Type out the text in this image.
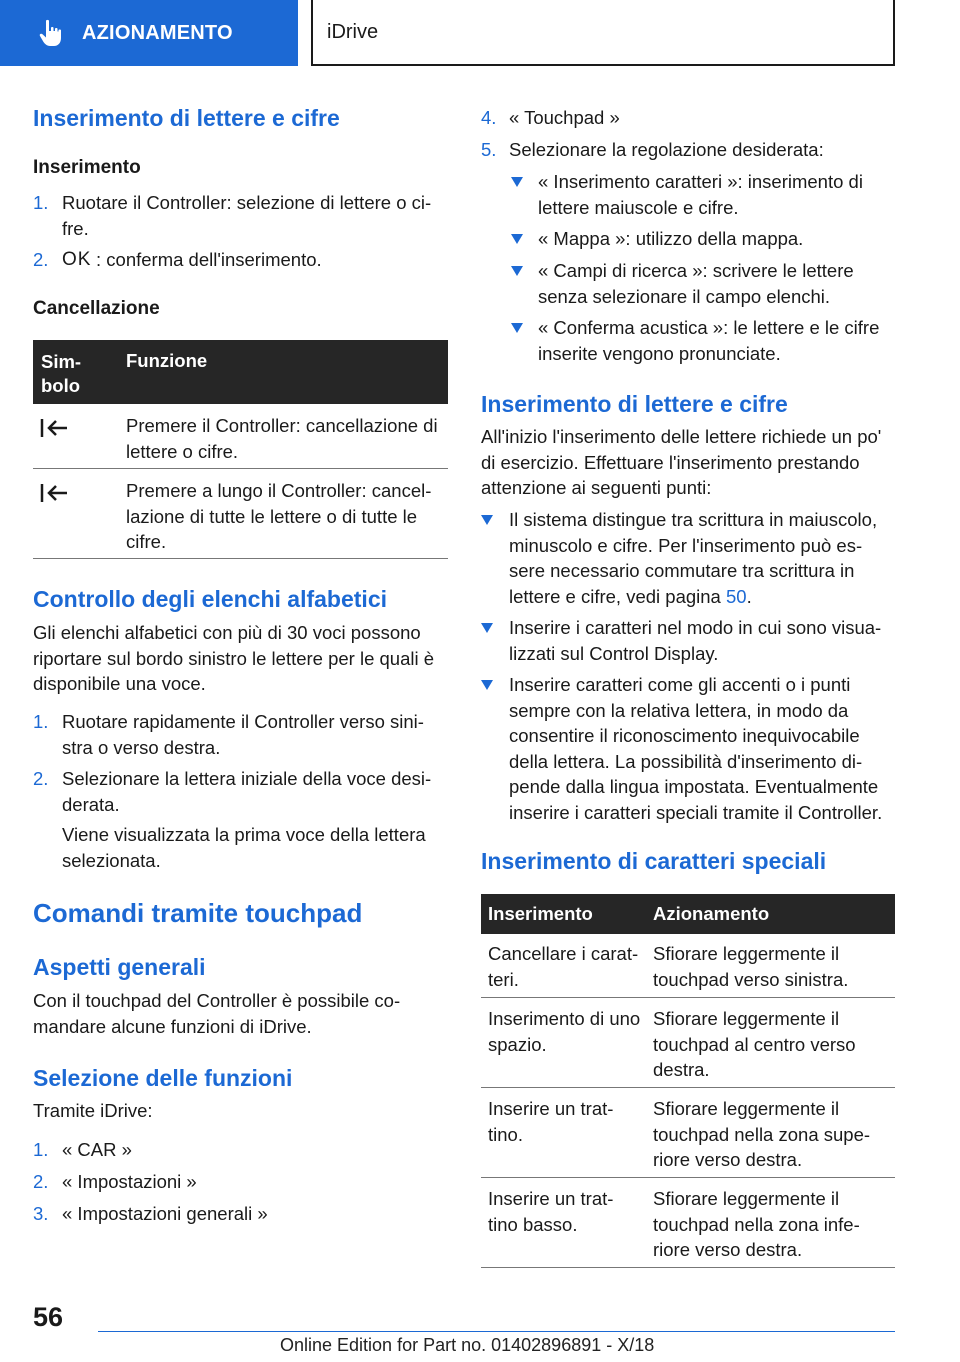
AZIONAMENTO	iDrive
Inserimento di lettere e cifre
Inserimento
1. Ruotare il Controller: selezione di lettere o ci-fre.
2. OK : conferma dell'inserimento.
Cancellazione
Sim-bolo
Funzione
Premere il Controller: cancellazione di lettere o cifre.
Premere a lungo il Controller: cancel-lazione di tutte le lettere o di tutte le cifre.
Controllo degli elenchi alfabetici
Gli elenchi alfabetici con più di 30 voci possono riportare sul bordo sinistro le lettere per le quali è disponibile una voce.
1. Ruotare rapidamente il Controller verso sini-stra o verso destra.
2. Selezionare la lettera iniziale della voce desi-derata.
Viene visualizzata la prima voce della lettera selezionata.
Comandi tramite touchpad
Aspetti generali
Con il touchpad del Controller è possibile co-mandare alcune funzioni di iDrive.
Selezione delle funzioni
Tramite iDrive:
1. « CAR »
2. « Impostazioni »
3. « Impostazioni generali »
4. « Touchpad »
5. Selezionare la regolazione desiderata:
« Inserimento caratteri »: inserimento di lettere maiuscole e cifre.
« Mappa »: utilizzo della mappa.
« Campi di ricerca »: scrivere le lettere senza selezionare il campo elenchi.
« Conferma acustica »: le lettere e le cifre inserite vengono pronunciate.
Inserimento di lettere e cifre
All'inizio l'inserimento delle lettere richiede un po' di esercizio. Effettuare l'inserimento prestando attenzione ai seguenti punti:
Il sistema distingue tra scrittura in maiuscolo, minuscolo e cifre. Per l'inserimento può es-sere necessario commutare tra scrittura in lettere e cifre, vedi pagina 50.
Inserire i caratteri nel modo in cui sono visua-lizzati sul Control Display.
Inserire caratteri come gli accenti o i punti sempre con la relativa lettera, in modo da consentire il riconoscimento inequivocabile della lettera. La possibilità d'inserimento di-pende dalla lingua impostata. Eventualmente inserire i caratteri speciali tramite il Controller.
Inserimento di caratteri speciali
Inserimento	Azionamento
Cancellare i carat-teri.
Sfiorare leggermente il touchpad verso sinistra.
Inserimento di uno spazio.
Sfiorare leggermente il touchpad al centro verso destra.
Inserire un trat-tino.
Sfiorare leggermente il touchpad nella zona supe-riore verso destra.
Inserire un trat-tino basso.
Sfiorare leggermente il touchpad nella zona infe-riore verso destra.
56
Online Edition for Part no. 01402896891 - X/18
